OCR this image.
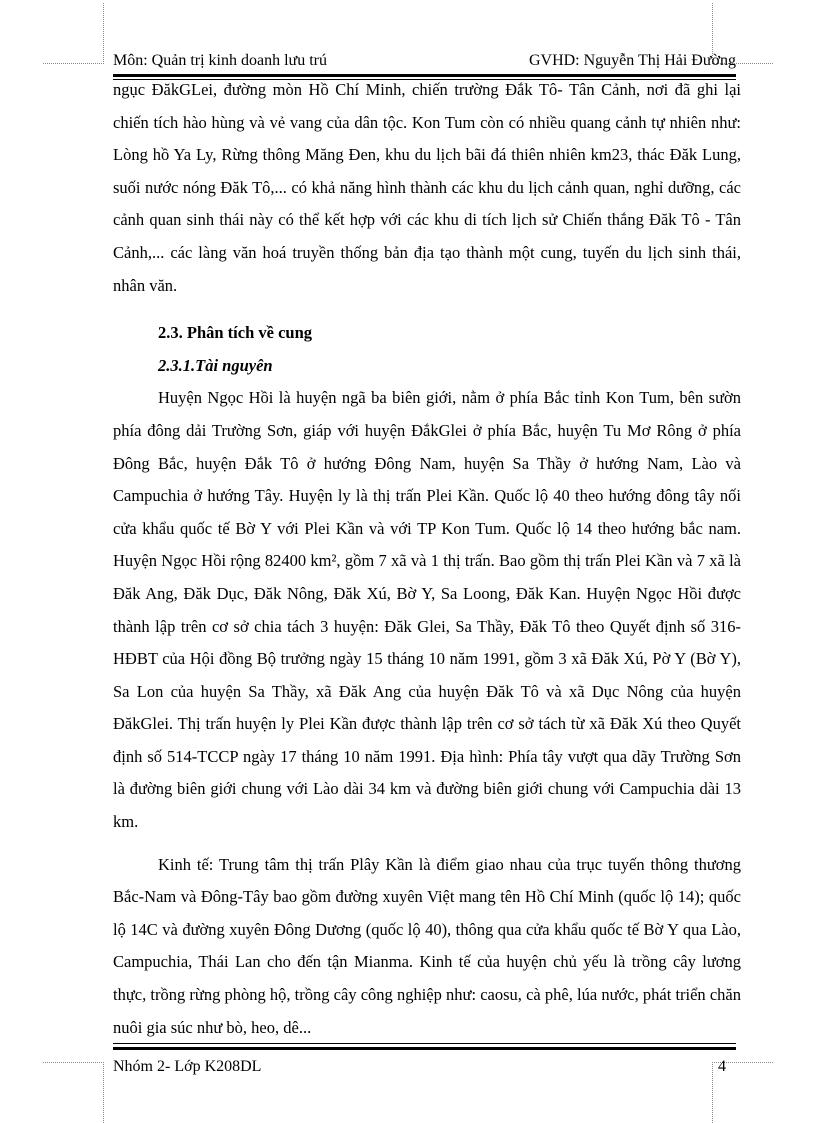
Môn: Quản trị kinh doanh lưu trú	GVHD: Nguyễn Thị Hải Đường

ngục ĐăkGLei, đường mòn Hồ Chí Minh, chiến trường Đắk Tô- Tân Cảnh, nơi đã ghi lại chiến tích hào hùng và vẻ vang của dân tộc. Kon Tum còn có nhiều quang cảnh tự nhiên như: Lòng hồ Ya Ly, Rừng thông Măng Đen, khu du lịch bãi đá thiên nhiên km23, thác Đăk Lung, suối nước nóng Đăk Tô,... có khả năng hình thành các khu du lịch cảnh quan, nghỉ dưỡng, các cảnh quan sinh thái này có thể kết hợp với các khu di tích lịch sử Chiến thắng Đăk Tô - Tân Cảnh,... các làng văn hoá truyền thống bản địa tạo thành một cung, tuyến du lịch sinh thái, nhân văn.

2.3. Phân tích về cung

2.3.1.Tài nguyên

Huyện Ngọc Hồi là huyện ngã ba biên giới, nằm ở phía Bắc tỉnh Kon Tum, bên sườn phía đông dải Trường Sơn, giáp với huyện ĐắkGlei ở phía Bắc, huyện Tu Mơ Rông ở phía Đông Bắc, huyện Đắk Tô ở hướng Đông Nam, huyện Sa Thầy ở hướng Nam, Lào và Campuchia ở hướng Tây. Huyện ly là thị trấn Plei Kần. Quốc lộ 40 theo hướng đông tây nối cửa khẩu quốc tế Bờ Y với Plei Kần và với TP Kon Tum. Quốc lộ 14 theo hướng bắc nam. Huyện Ngọc Hồi rộng 82400 km², gồm 7 xã và 1 thị trấn. Bao gồm thị trấn Plei Kần và 7 xã là Đăk Ang, Đăk Dục, Đăk Nông, Đăk Xú, Bờ Y, Sa Loong, Đăk Kan. Huyện Ngọc Hồi được thành lập trên cơ sở chia tách 3 huyện: Đăk Glei, Sa Thầy, Đăk Tô theo Quyết định số 316-HĐBT của Hội đồng Bộ trưởng ngày 15 tháng 10 năm 1991, gồm 3 xã Đăk Xú, Pờ Y (Bờ Y), Sa Lon của huyện Sa Thầy, xã Đăk Ang của huyện Đăk Tô và xã Dục Nông của huyện ĐăkGlei. Thị trấn huyện ly Plei Kần được thành lập trên cơ sở tách từ xã Đăk Xú theo Quyết định số 514-TCCP ngày 17 tháng 10 năm 1991. Địa hình: Phía tây vượt qua dãy Trường Sơn là đường biên giới chung với Lào dài 34 km và đường biên giới chung với Campuchia dài 13 km.

Kinh tế: Trung tâm thị trấn Plây Kần là điểm giao nhau của trục tuyến thông thương Bắc-Nam và Đông-Tây bao gồm đường xuyên Việt mang tên Hồ Chí Minh (quốc lộ 14); quốc lộ 14C và đường xuyên Đông Dương (quốc lộ 40), thông qua cửa khẩu quốc tế Bờ Y qua Lào, Campuchia, Thái Lan cho đến tận Mianma. Kinh tế của huyện chủ yếu là trồng cây lương thực, trồng rừng phòng hộ, trồng cây công nghiệp như: caosu, cà phê, lúa nước, phát triển chăn nuôi gia súc như bò, heo, dê...

Nhóm 2- Lớp K208DL	4
